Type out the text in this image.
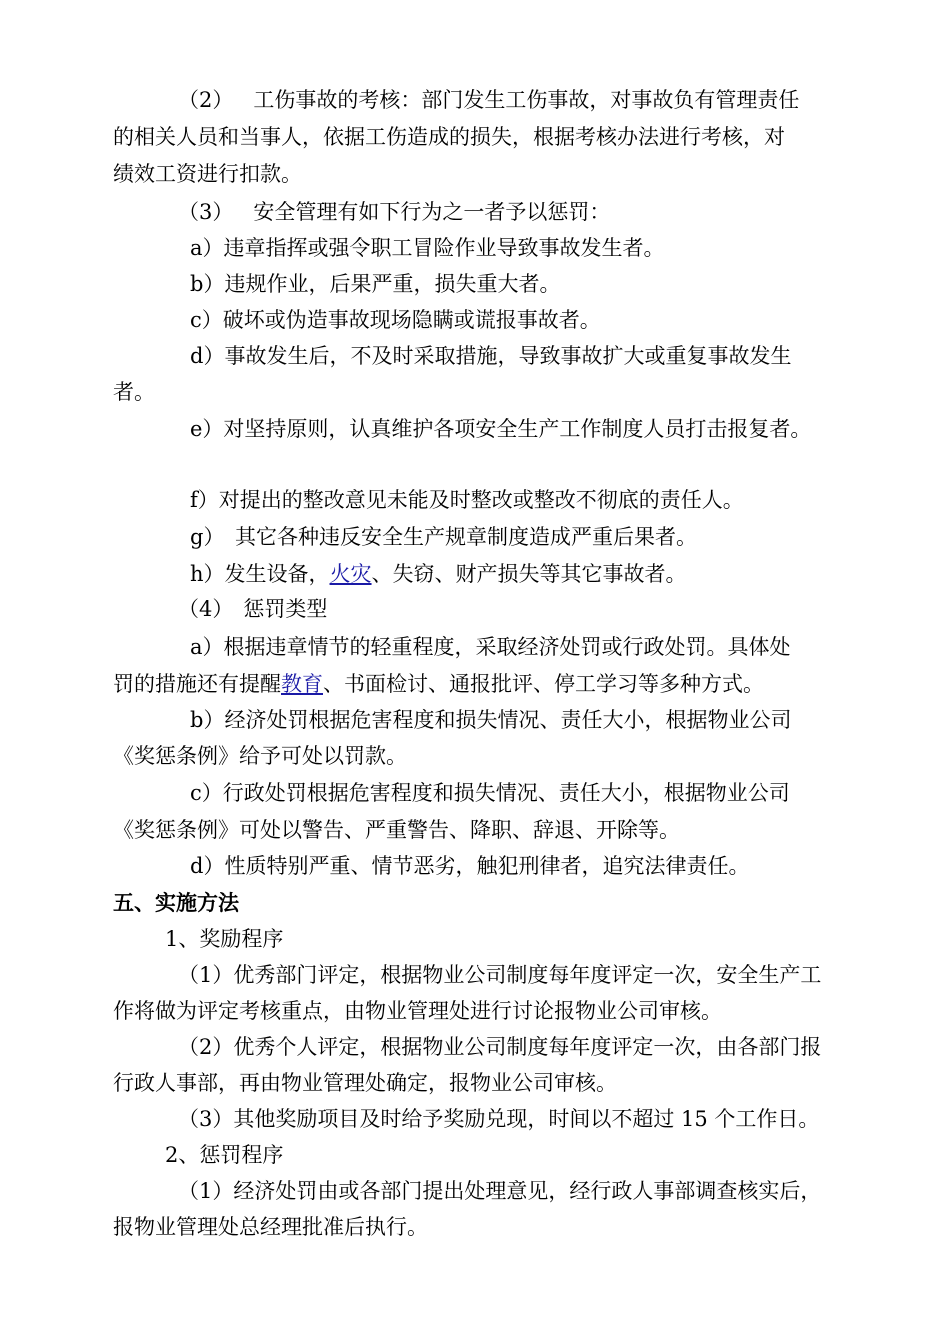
（2） 工伤事故的考核：部门发生工伤事故，对事故负有管理责任
的相关人员和当事人，依据工伤造成的损失，根据考核办法进行考核，对
绩效工资进行扣款。
（3） 安全管理有如下行为之一者予以惩罚：
a）违章指挥或强令职工冒险作业导致事故发生者。
b）违规作业，后果严重，损失重大者。
c）破坏或伪造事故现场隐瞒或谎报事故者。
d）事故发生后，不及时采取措施，导致事故扩大或重复事故发生
者。
e）对坚持原则，认真维护各项安全生产工作制度人员打击报复者。
f）对提出的整改意见未能及时整改或整改不彻底的责任人。
g）　其它各种违反安全生产规章制度造成严重后果者。
h）发生设备，火灾、失窃、财产损失等其它事故者。
（4） 惩罚类型
a）根据违章情节的轻重程度，采取经济处罚或行政处罚。具体处
罚的措施还有提醒教育、书面检讨、通报批评、停工学习等多种方式。
b）经济处罚根据危害程度和损失情况、责任大小，根据物业公司
《奖惩条例》给予可处以罚款。
c）行政处罚根据危害程度和损失情况、责任大小，根据物业公司
《奖惩条例》可处以警告、严重警告、降职、辞退、开除等。
d）性质特别严重、情节恶劣，触犯刑律者，追究法律责任。
五、实施方法
1、奖励程序
（1）优秀部门评定，根据物业公司制度每年度评定一次，安全生产工
作将做为评定考核重点，由物业管理处进行讨论报物业公司审核。
（2）优秀个人评定，根据物业公司制度每年度评定一次，由各部门报
行政人事部，再由物业管理处确定，报物业公司审核。
（3）其他奖励项目及时给予奖励兑现，时间以不超过 15 个工作日。
2、惩罚程序
（1）经济处罚由或各部门提出处理意见，经行政人事部调查核实后，
报物业管理处总经理批准后执行。
